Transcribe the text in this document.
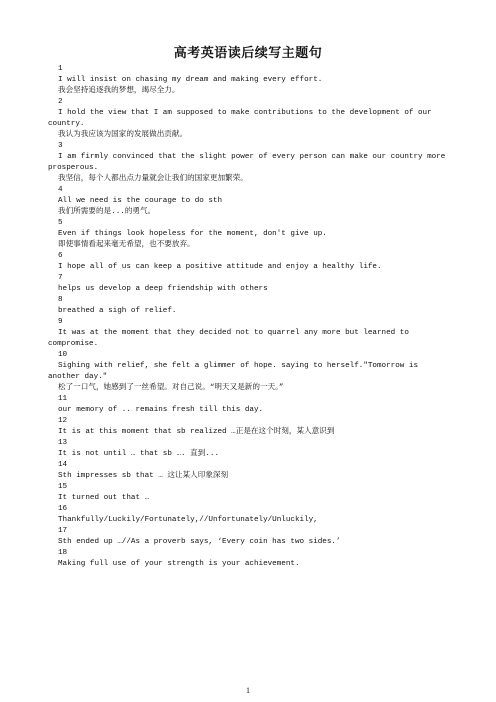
高考英语读后续写主题句
1
I will insist on chasing my dream and making every effort.
我会坚持追逐我的梦想，竭尽全力。
2
I hold the view that I am supposed to make contributions to the development of our
country.
我认为我应该为国家的发展做出贡献。
3
I am firmly convinced that the slight power of every person can make our country more
prosperous.
我坚信，每个人都出点力量就会让我们的国家更加繁荣。
4
All we need is the courage to do sth
我们所需要的是...的勇气。
5
Even if things look hopeless for the moment, don't give up.
即使事情看起来毫无希望，也不要放弃。
6
I hope all of us can keep a positive attitude and enjoy a healthy life.
7
helps us develop a deep friendship with others
8
breathed a sigh of relief.
9
It was at the moment that they decided not to quarrel any more but learned to
compromise.
10
Sighing with relief, she felt a glimmer of hope. saying to herself."Tomorrow is
another day."
松了一口气，她感到了一丝希望。对自己说。“明天又是新的一天。”
11
our memory of .. remains fresh till this day.
12
It is at this moment that sb realized …正是在这个时刻，某人意识到
13
It is not until … that sb …. 直到...
14
Sth impresses sb that … 这让某人印象深刻
15
It turned out that …
16
Thankfully/Luckily/Fortunately,//Unfortunately/Unluckily,
17
Sth ended up …//As a proverb says, ‘Every coin has two sides.’
18
Making full use of your strength is your achievement.
1
